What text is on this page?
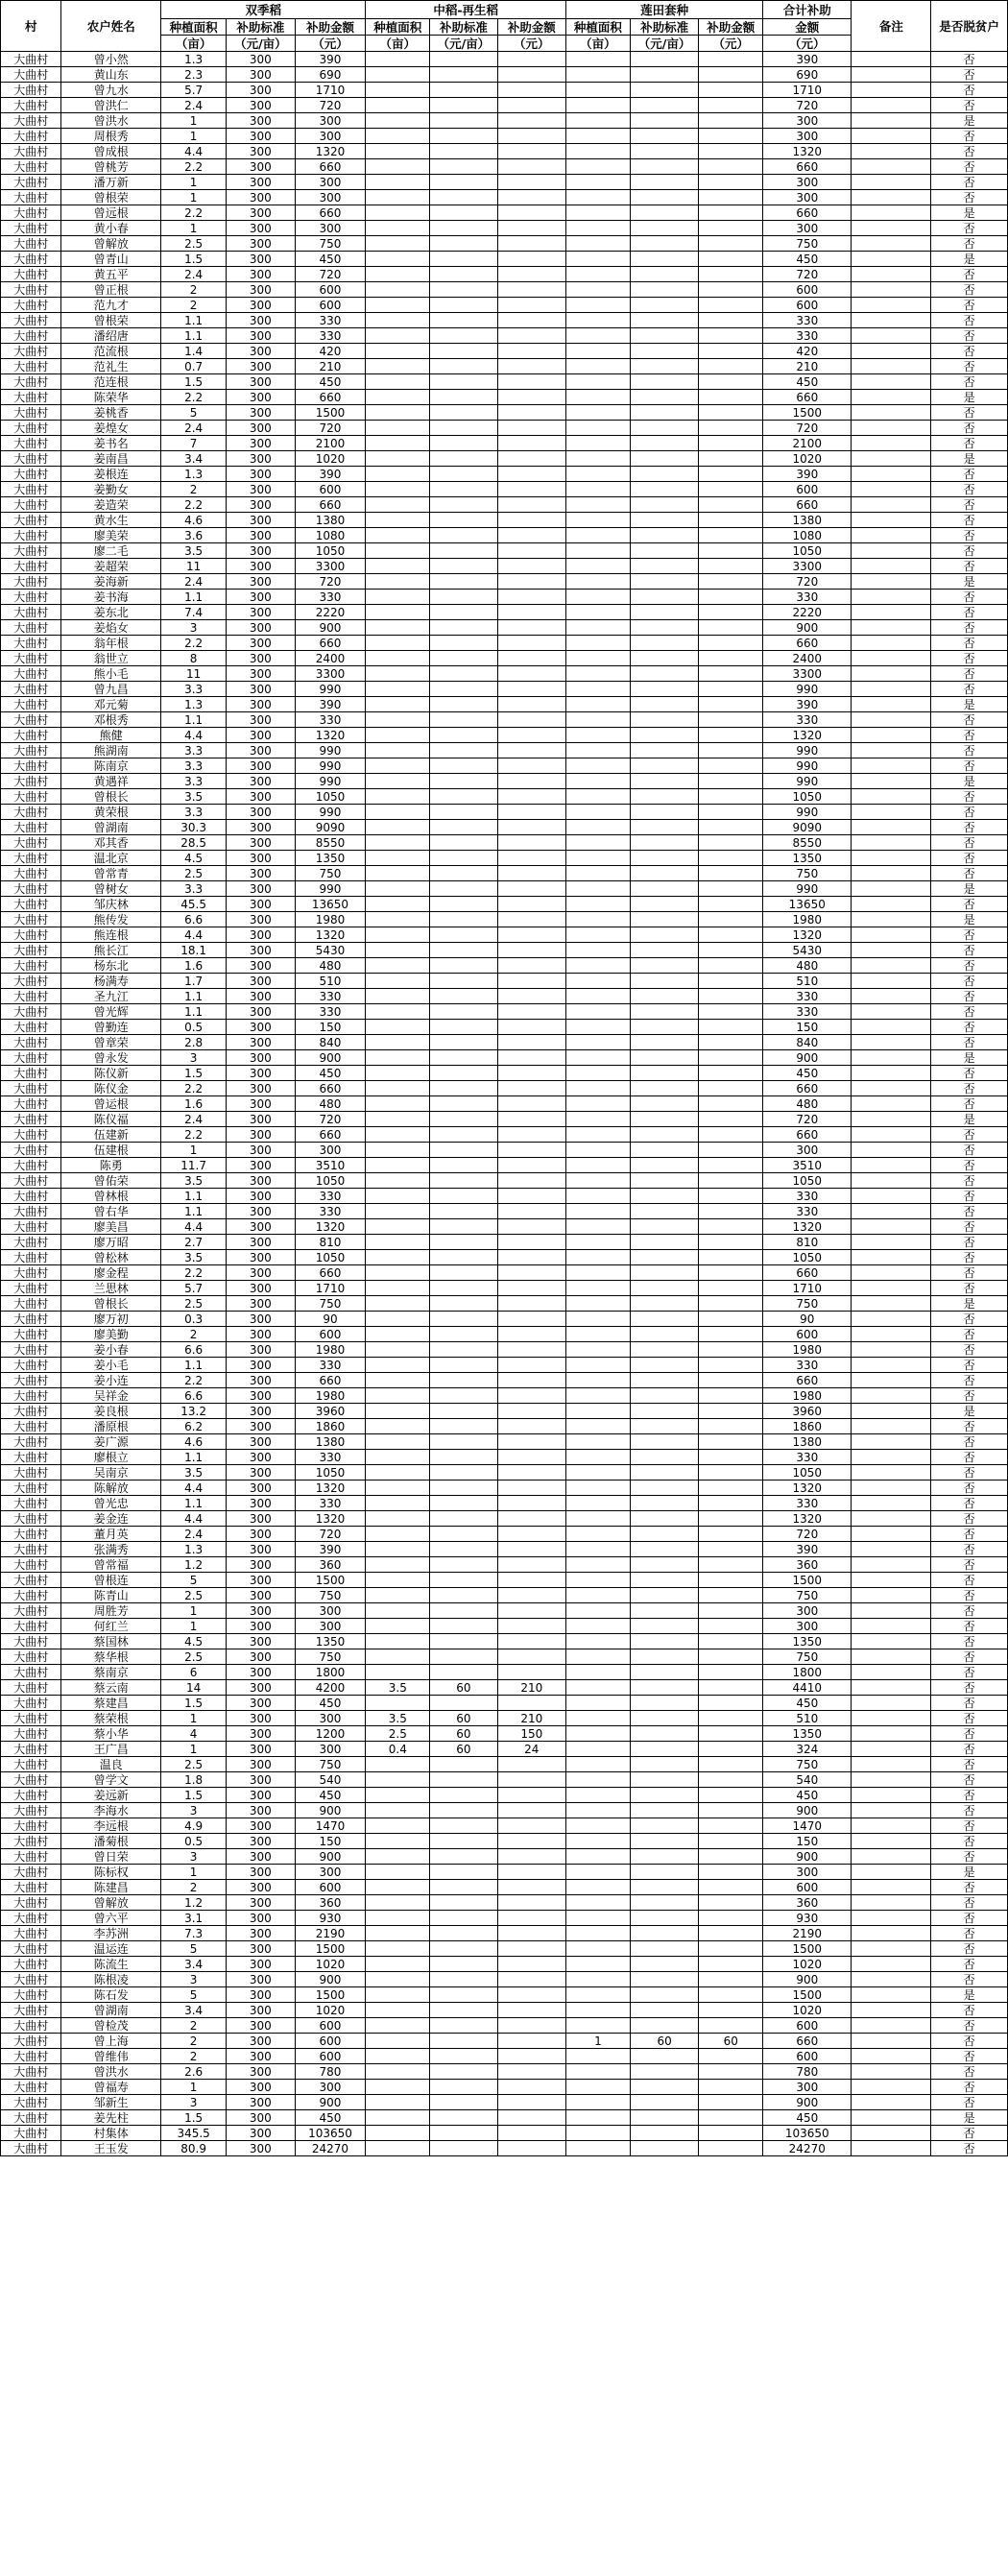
村	农户姓名	双季稻			中稻-再生稻			莲田套种			合计补助	备注	是否脱贫户
		种植面积	补助标准	补助金额	种植面积	补助标准	补助金额	种植面积	补助标准	补助金额	金额		
		（亩）	（元/亩）	（元）	（亩）	（元/亩）	（元）	（亩）	（元/亩）	（元）	（元）		
大曲村	曾小然	1.3	300	390							390		否
大曲村	黄山东	2.3	300	690							690		否
大曲村	曾九水	5.7	300	1710							1710		否
大曲村	曾洪仁	2.4	300	720							720		否
大曲村	曾洪水	1	300	300							300		是
大曲村	周根秀	1	300	300							300		否
大曲村	曾成根	4.4	300	1320							1320		否
大曲村	曾桃芳	2.2	300	660							660		否
大曲村	潘万新	1	300	300							300		否
大曲村	曾根荣	1	300	300							300		否
大曲村	曾远根	2.2	300	660							660		是
大曲村	黄小春	1	300	300							300		否
大曲村	曾解放	2.5	300	750							750		否
大曲村	曾青山	1.5	300	450							450		是
大曲村	黄五平	2.4	300	720							720		否
大曲村	曾正根	2	300	600							600		否
大曲村	范九才	2	300	600							600		否
大曲村	曾根荣	1.1	300	330							330		否
大曲村	潘绍唐	1.1	300	330							330		否
大曲村	范流根	1.4	300	420							420		否
大曲村	范礼生	0.7	300	210							210		否
大曲村	范连根	1.5	300	450							450		否
大曲村	陈荣华	2.2	300	660							660		是
大曲村	姜桃香	5	300	1500							1500		否
大曲村	姜煌女	2.4	300	720							720		否
大曲村	姜书名	7	300	2100							2100		否
大曲村	姜南昌	3.4	300	1020							1020		是
大曲村	姜根连	1.3	300	390							390		否
大曲村	姜勤女	2	300	600							600		否
大曲村	姜造荣	2.2	300	660							660		否
大曲村	黄水生	4.6	300	1380							1380		否
大曲村	廖美荣	3.6	300	1080							1080		否
大曲村	廖二毛	3.5	300	1050							1050		否
大曲村	姜超荣	11	300	3300							3300		否
大曲村	姜海新	2.4	300	720							720		是
大曲村	姜书海	1.1	300	330							330		否
大曲村	姜东北	7.4	300	2220							2220		否
大曲村	姜焰女	3	300	900							900		否
大曲村	翁年根	2.2	300	660							660		否
大曲村	翁世立	8	300	2400							2400		否
大曲村	熊小毛	11	300	3300							3300		否
大曲村	曾九昌	3.3	300	990							990		否
大曲村	邓元菊	1.3	300	390							390		是
大曲村	邓根秀	1.1	300	330							330		否
大曲村	熊健	4.4	300	1320							1320		否
大曲村	熊湖南	3.3	300	990							990		否
大曲村	陈南京	3.3	300	990							990		否
大曲村	黄遇祥	3.3	300	990							990		是
大曲村	曾根长	3.5	300	1050							1050		否
大曲村	黄荣根	3.3	300	990							990		否
大曲村	曾湖南	30.3	300	9090							9090		否
大曲村	邓其香	28.5	300	8550							8550		否
大曲村	温北京	4.5	300	1350							1350		否
大曲村	曾常青	2.5	300	750							750		否
大曲村	曾树女	3.3	300	990							990		是
大曲村	邹庆林	45.5	300	13650							13650		否
大曲村	熊传发	6.6	300	1980							1980		是
大曲村	熊连根	4.4	300	1320							1320		否
大曲村	熊长江	18.1	300	5430							5430		否
大曲村	杨东北	1.6	300	480							480		否
大曲村	杨满寿	1.7	300	510							510		否
大曲村	圣九江	1.1	300	330							330		否
大曲村	曾光辉	1.1	300	330							330		否
大曲村	曾勤连	0.5	300	150							150		否
大曲村	曾章荣	2.8	300	840							840		否
大曲村	曾永发	3	300	900							900		是
大曲村	陈仪新	1.5	300	450							450		否
大曲村	陈仪金	2.2	300	660							660		否
大曲村	曾运根	1.6	300	480							480		否
大曲村	陈仪福	2.4	300	720							720		是
大曲村	伍建新	2.2	300	660							660		否
大曲村	伍建根	1	300	300							300		否
大曲村	陈勇	11.7	300	3510							3510		否
大曲村	曾佑荣	3.5	300	1050							1050		否
大曲村	曾林根	1.1	300	330							330		否
大曲村	曾右华	1.1	300	330							330		否
大曲村	廖美昌	4.4	300	1320							1320		否
大曲村	廖万昭	2.7	300	810							810		否
大曲村	曾松林	3.5	300	1050							1050		否
大曲村	廖金程	2.2	300	660							660		否
大曲村	兰思林	5.7	300	1710							1710		否
大曲村	曾根长	2.5	300	750							750		是
大曲村	廖万初	0.3	300	90							90		否
大曲村	廖美勤	2	300	600							600		否
大曲村	姜小春	6.6	300	1980							1980		否
大曲村	姜小毛	1.1	300	330							330		否
大曲村	姜小连	2.2	300	660							660		否
大曲村	吴祥金	6.6	300	1980							1980		否
大曲村	姜良根	13.2	300	3960							3960		是
大曲村	潘原根	6.2	300	1860							1860		否
大曲村	姜广源	4.6	300	1380							1380		否
大曲村	廖根立	1.1	300	330							330		否
大曲村	吴南京	3.5	300	1050							1050		否
大曲村	陈解放	4.4	300	1320							1320		否
大曲村	曾光忠	1.1	300	330							330		否
大曲村	姜金连	4.4	300	1320							1320		否
大曲村	董月英	2.4	300	720							720		否
大曲村	张满秀	1.3	300	390							390		否
大曲村	曾常福	1.2	300	360							360		否
大曲村	曾根连	5	300	1500							1500		否
大曲村	陈青山	2.5	300	750							750		否
大曲村	周胜芳	1	300	300							300		否
大曲村	何红兰	1	300	300							300		否
大曲村	蔡国林	4.5	300	1350							1350		否
大曲村	蔡华根	2.5	300	750							750		否
大曲村	蔡南京	6	300	1800							1800		否
大曲村	蔡云南	14	300	4200	3.5	60	210				4410		否
大曲村	蔡建昌	1.5	300	450							450		否
大曲村	蔡荣根	1	300	300	3.5	60	210				510		否
大曲村	蔡小华	4	300	1200	2.5	60	150				1350		否
大曲村	王广昌	1	300	300	0.4	60	24				324		否
大曲村	温良	2.5	300	750							750		否
大曲村	曾学文	1.8	300	540							540		否
大曲村	姜远新	1.5	300	450							450		否
大曲村	李海水	3	300	900							900		否
大曲村	李远根	4.9	300	1470							1470		否
大曲村	潘菊根	0.5	300	150							150		否
大曲村	曾日荣	3	300	900							900		否
大曲村	陈标权	1	300	300							300		是
大曲村	陈建昌	2	300	600							600		否
大曲村	曾解放	1.2	300	360							360		否
大曲村	曾六平	3.1	300	930							930		否
大曲村	李苏洲	7.3	300	2190							2190		否
大曲村	温运连	5	300	1500							1500		否
大曲村	陈流生	3.4	300	1020							1020		否
大曲村	陈根凌	3	300	900							900		否
大曲村	陈石发	5	300	1500							1500		是
大曲村	曾湖南	3.4	300	1020							1020		否
大曲村	曾检茂	2	300	600							600		否
大曲村	曾上海	2	300	600				1	60	60	660		否
大曲村	曾维伟	2	300	600							600		否
大曲村	曾洪水	2.6	300	780							780		否
大曲村	曾福寿	1	300	300							300		否
大曲村	邹新生	3	300	900							900		否
大曲村	姜先柱	1.5	300	450							450		是
大曲村	村集体	345.5	300	103650							103650		否
大曲村	王玉发	80.9	300	24270							24270		否
